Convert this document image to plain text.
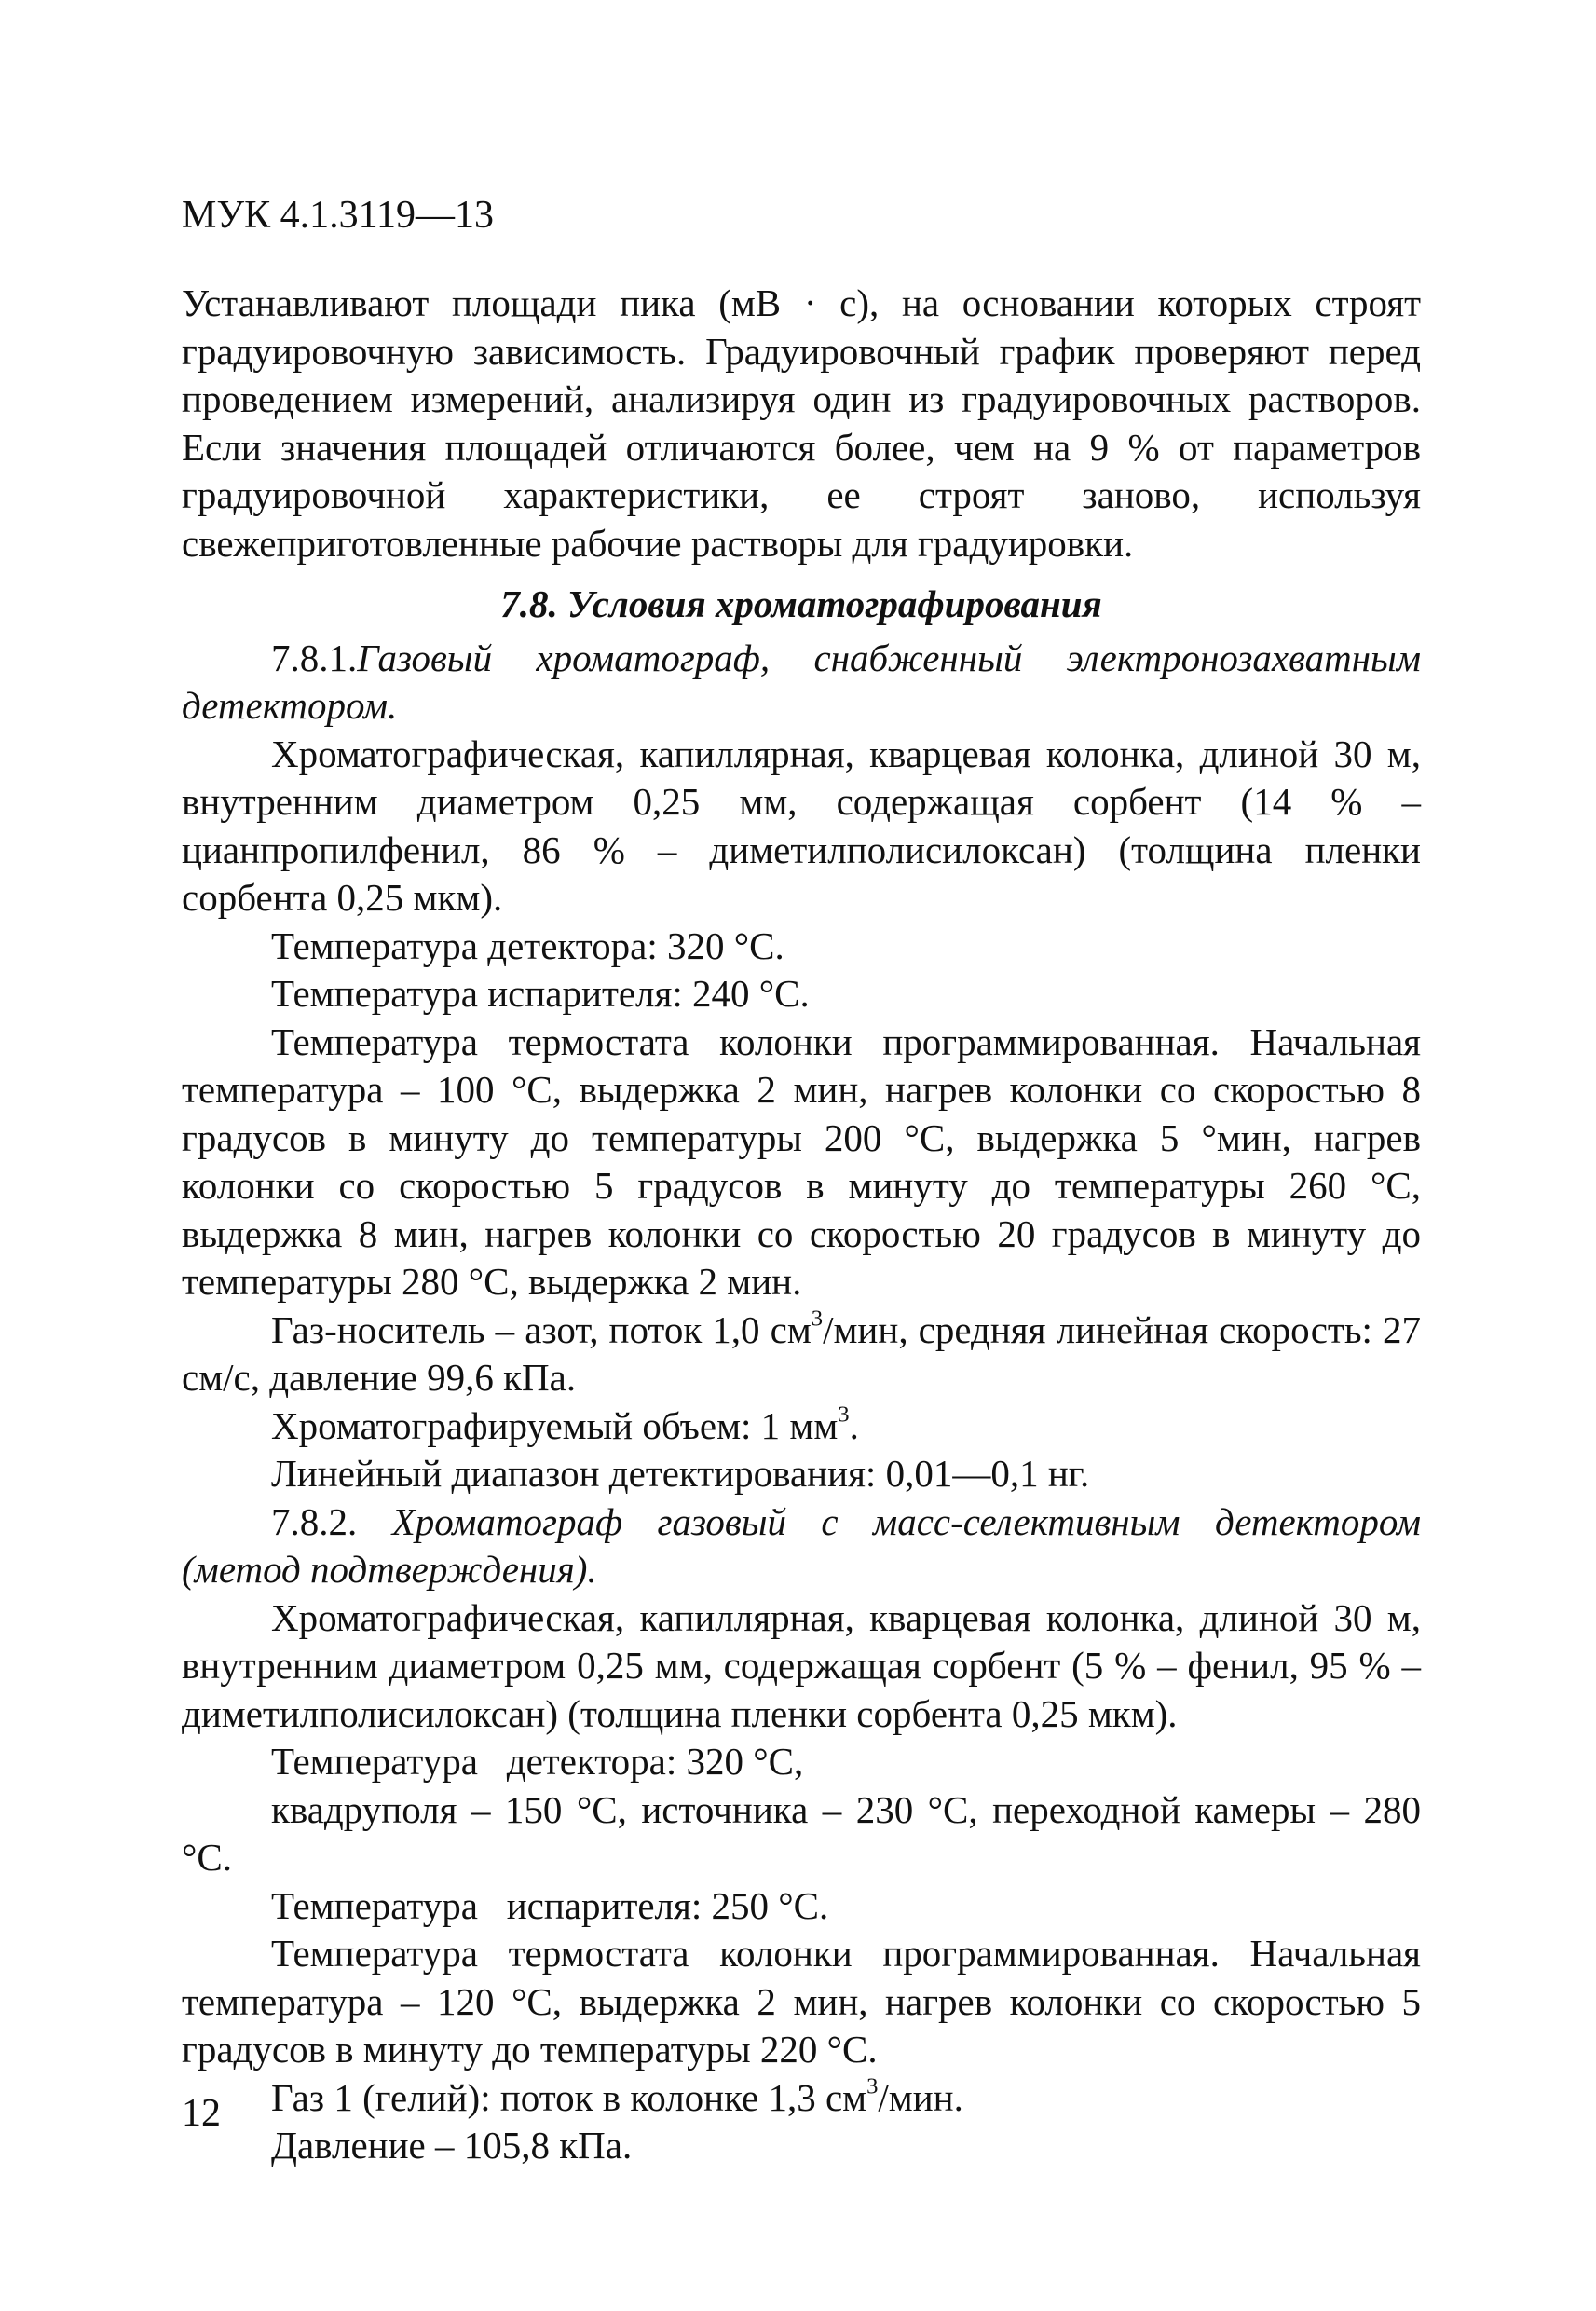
МУК 4.1.3119—13

Устанавливают площади пика (мВ · с), на основании которых строят градуировочную зависимость. Градуировочный график проверяют перед проведением измерений, анализируя один из градуировочных растворов. Если значения площадей отличаются более, чем на 9 % от параметров градуировочной характеристики, ее строят заново, используя свежеприготовленные рабочие растворы для градуировки.

7.8. Условия хроматографирования

7.8.1.Газовый хроматограф, снабженный электронозахватным детектором.

Хроматографическая, капиллярная, кварцевая колонка, длиной 30 м, внутренним диаметром 0,25 мм, содержащая сорбент (14 % – цианпропилфенил, 86 % – диметилполисилоксан) (толщина пленки сорбента 0,25 мкм).

Температура детектора: 320 °C.

Температура испарителя: 240 °C.

Температура термостата колонки программированная. Начальная температура – 100 °C, выдержка 2 мин, нагрев колонки со скоростью 8 градусов в минуту до температуры 200 °C, выдержка 5 °мин, нагрев колонки со скоростью 5 градусов в минуту до температуры 260 °C, выдержка 8 мин, нагрев колонки со скоростью 20 градусов в минуту до температуры 280 °C, выдержка 2 мин.

Газ-носитель – азот, поток 1,0 $см^3$/мин, средняя линейная скорость: 27 см/с, давление 99,6 кПа.

Хроматографируемый объем: 1 $мм^3$.

Линейный диапазон детектирования: 0,01—0,1 нг.

7.8.2. Хроматограф газовый с масс-селективным детектором (метод подтверждения).

Хроматографическая, капиллярная, кварцевая колонка, длиной 30 м, внутренним диаметром 0,25 мм, содержащая сорбент (5 % – фенил, 95 % – диметилполисилоксан) (толщина пленки сорбента 0,25 мкм).

Температура   детектора: 320 °C,

квадруполя – 150 °C, источника – 230 °C, переходной камеры – 280 °C.

Температура   испарителя: 250 °C.

Температура термостата колонки программированная. Начальная температура – 120 °C, выдержка 2 мин, нагрев колонки со скоростью 5 градусов в минуту до температуры 220 °C.

Газ 1 (гелий): поток в колонке 1,3 $см^3$/мин.

Давление – 105,8 кПа.

12
